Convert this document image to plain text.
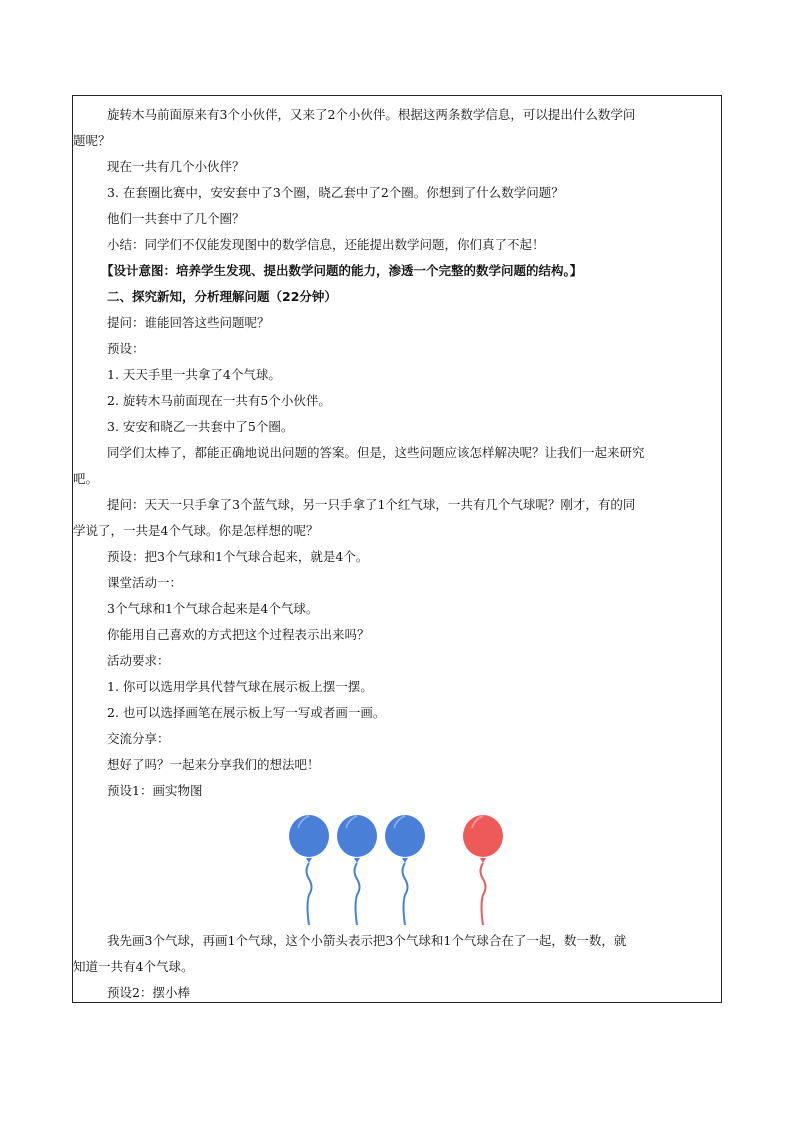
旋转木马前面原来有3个小伙伴，又来了2个小伙伴。根据这两条数学信息，可以提出什么数学问

题呢？

现在一共有几个小伙伴？

3. 在套圈比赛中，安安套中了3个圈，晓乙套中了2个圈。你想到了什么数学问题？

他们一共套中了几个圈？

小结：同学们不仅能发现图中的数学信息，还能提出数学问题，你们真了不起！

【设计意图：培养学生发现、提出数学问题的能力，渗透一个完整的数学问题的结构。】

二、探究新知，分析理解问题（22分钟）

提问：谁能回答这些问题呢？

预设：

1. 天天手里一共拿了4个气球。

2. 旋转木马前面现在一共有5个小伙伴。

3. 安安和晓乙一共套中了5个圈。

同学们太棒了，都能正确地说出问题的答案。但是，这些问题应该怎样解决呢？让我们一起来研究

吧。

提问：天天一只手拿了3个蓝气球，另一只手拿了1个红气球，一共有几个气球呢？刚才，有的同

学说了，一共是4个气球。你是怎样想的呢？

预设：把3个气球和1个气球合起来，就是4个。

课堂活动一：

3个气球和1个气球合起来是4个气球。

你能用自己喜欢的方式把这个过程表示出来吗？

活动要求：

1. 你可以选用学具代替气球在展示板上摆一摆。

2. 也可以选择画笔在展示板上写一写或者画一画。

交流分享：

想好了吗？一起来分享我们的想法吧！

预设1：画实物图

我先画3个气球，再画1个气球，这个小箭头表示把3个气球和1个气球合在了一起，数一数，就

知道一共有4个气球。

预设2：摆小棒
